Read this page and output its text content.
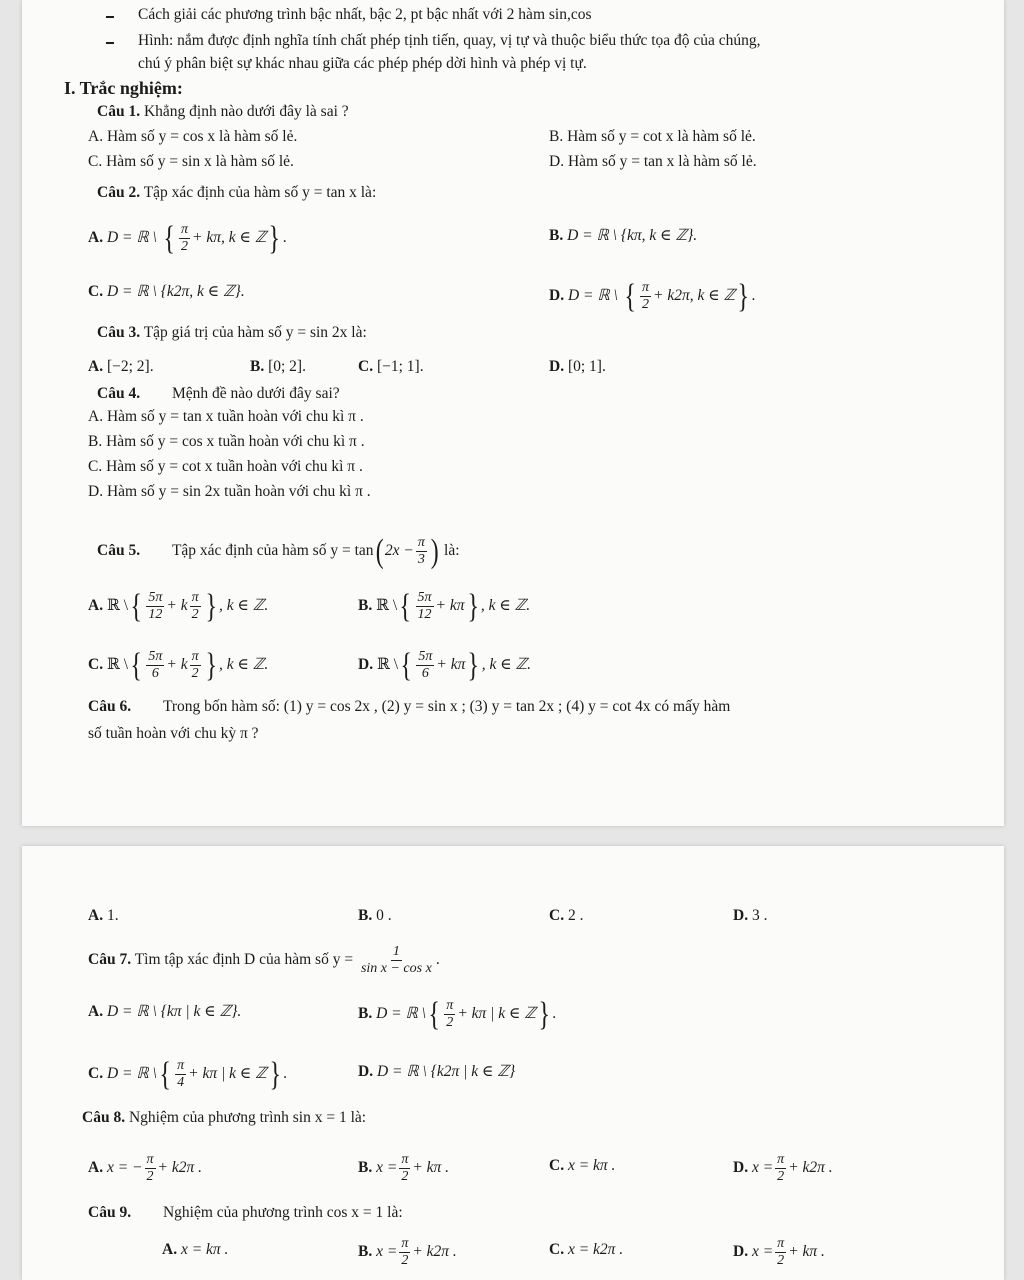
Cách giải các phương trình bậc nhất, bậc 2, pt bậc nhất với 2 hàm sin,cos
Hình: nắm được định nghĩa tính chất phép tịnh tiến, quay, vị tự và thuộc biểu thức tọa độ của chúng,
chú ý phân biệt sự khác nhau giữa các phép phép dời hình và phép vị tự.
I. Trắc nghiệm:
Câu 1. Khẳng định nào dưới đây là sai ?
A. Hàm số y = cos x là hàm số lẻ.	B. Hàm số y = cot x là hàm số lẻ.
C. Hàm số y = sin x là hàm số lẻ.	D. Hàm số y = tan x là hàm số lẻ.
Câu 2. Tập xác định của hàm số y = tan x là:
A. D = ℝ \ { $\frac{\pi}{2} + k\pi$, k ∈ ℤ} .	B. D = ℝ \ {kπ, k ∈ ℤ}.
C. D = ℝ \ {k2π, k ∈ ℤ}.	D. D = ℝ \ { $\frac{\pi}{2} + k2\pi$, k ∈ ℤ} .
Câu 3. Tập giá trị của hàm số y = sin 2x là:
A. [−2; 2].	B. [0; 2].	C. [−1; 1].	D. [0; 1].
Câu 4. Mệnh đề nào dưới đây sai?
A. Hàm số y = tan x tuần hoàn với chu kì π .
B. Hàm số y = cos x tuần hoàn với chu kì π .
C. Hàm số y = cot x tuần hoàn với chu kì π .
D. Hàm số y = sin 2x tuần hoàn với chu kì π .
Câu 5. Tập xác định của hàm số y = tan( $2x - \frac{\pi}{3}$ ) là:
A. ℝ \{ $\frac{5\pi}{12} + k \frac{\pi}{2}$ } , k ∈ ℤ.	B. ℝ \{ $\frac{5\pi}{12} + k\pi$} , k ∈ ℤ.
C. ℝ \{ $\frac{5\pi}{6} + k \frac{\pi}{2}$ } , k ∈ ℤ.	D. ℝ \{ $\frac{5\pi}{6} + k\pi$} , k ∈ ℤ.
Câu 6. Trong bốn hàm số: (1) y = cos 2x , (2) y = sin x ; (3) y = tan 2x ; (4) y = cot 4x có mấy hàm
số tuần hoàn với chu kỳ π ?
A. 1.	B. 0 .	C. 2 .	D. 3 .
Câu 7. Tìm tập xác định D của hàm số $y = \frac{1}{\text{sin x − cos x}}$ .
A. D = ℝ \ {kπ | k ∈ ℤ}.	B. D = ℝ \{ $\frac{\pi}{2} + k\pi$ | k ∈ ℤ} .
C. D = ℝ \{ $\frac{\pi}{4} + k\pi$ | k ∈ ℤ} .	D. D = ℝ \ {k2π | k ∈ ℤ}
Câu 8. Nghiệm của phương trình sin x = 1 là:
A. x = − $\frac{\pi}{2} + k2\pi$ .	B. $x = \frac{\pi}{2} + k\pi$ .	C. x = kπ .	D. $x = \frac{\pi}{2} + k2\pi$ .
Câu 9. Nghiệm của phương trình cos x = 1 là:
A. x = kπ .	B. $x = \frac{\pi}{2} + k2\pi$ .	C. x = k2π .	D. $x = \frac{\pi}{2} + k\pi$ .
